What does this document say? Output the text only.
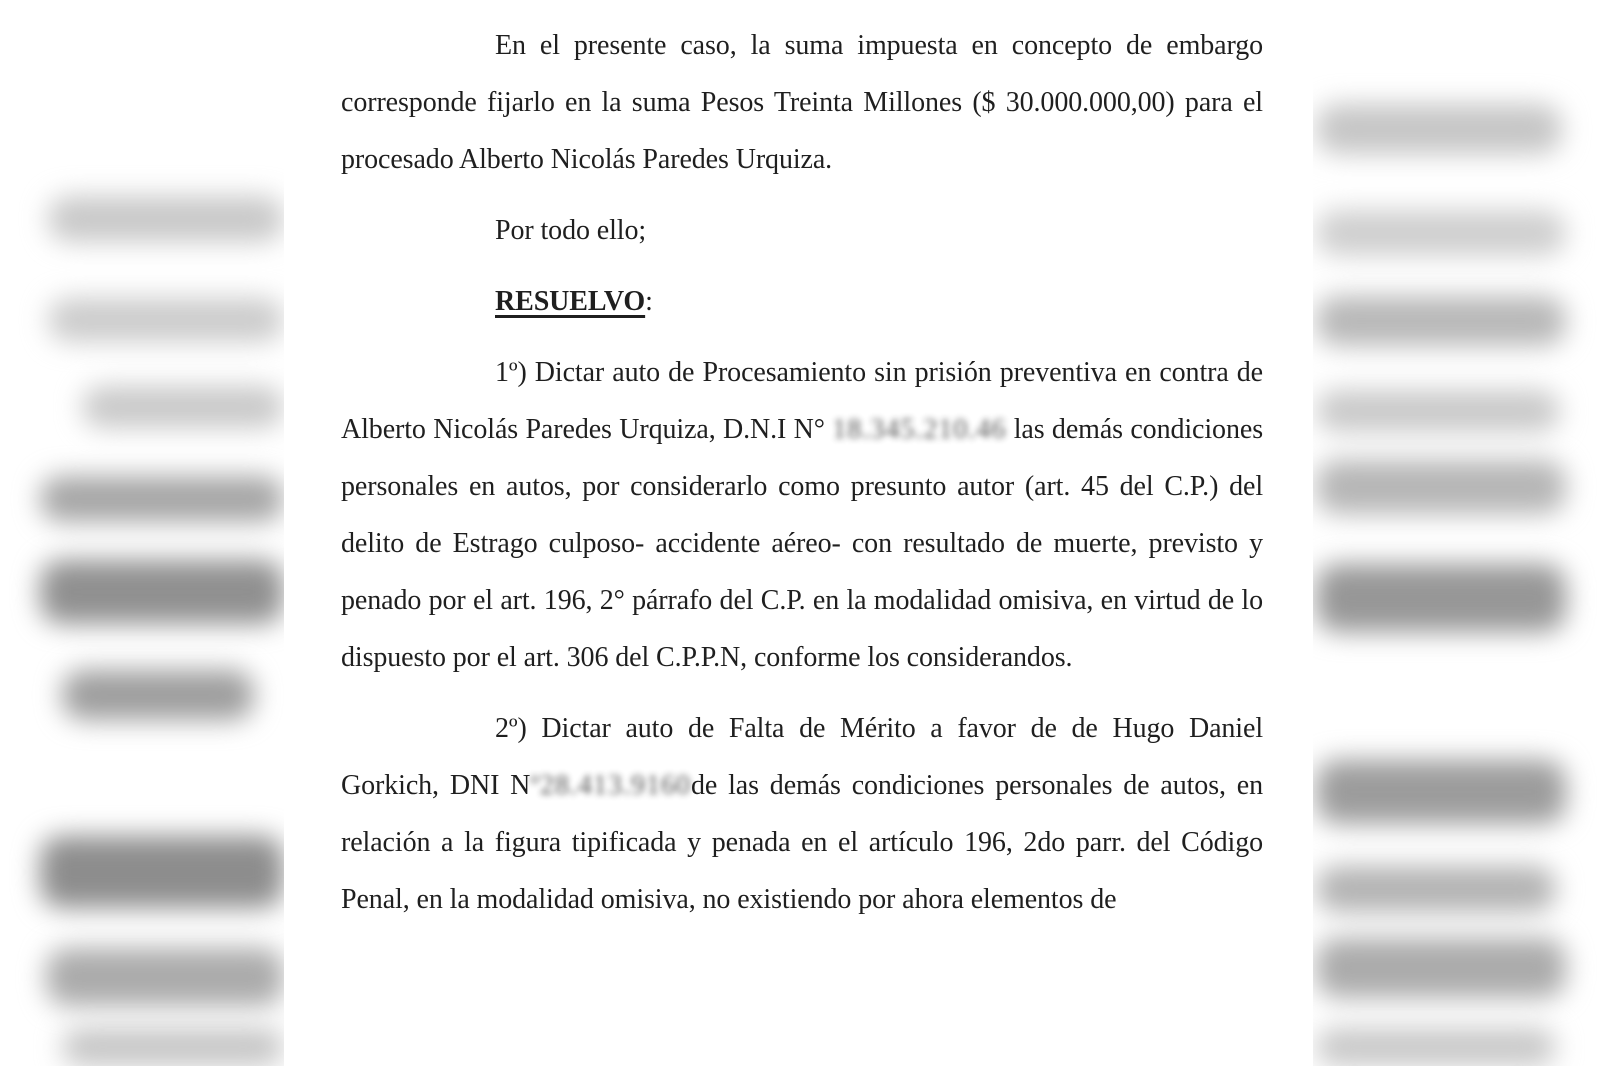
En el presente caso, la suma impuesta en concepto de embargo corresponde fijarlo en la suma Pesos Treinta Millones ($ 30.000.000,00) para el procesado Alberto Nicolás Paredes Urquiza.

Por todo ello;

RESUELVO:

1º) Dictar auto de Procesamiento sin prisión preventiva en contra de Alberto Nicolás Paredes Urquiza, D.N.I N° 18.345.210.46 las demás condiciones personales en autos, por considerarlo como presunto autor (art. 45 del C.P.) del delito de Estrago culposo- accidente aéreo- con resultado de muerte, previsto y penado por el art. 196, 2° párrafo del C.P. en la modalidad omisiva, en virtud de lo dispuesto por el art. 306 del C.P.P.N, conforme los considerandos.

2º) Dictar auto de Falta de Mérito a favor de de Hugo Daniel Gorkich, DNI Nº28.413.9160de las demás condiciones personales de autos, en relación a la figura tipificada y penada en el artículo 196, 2do parr. del Código Penal, en la modalidad omisiva, no existiendo por ahora elementos de
